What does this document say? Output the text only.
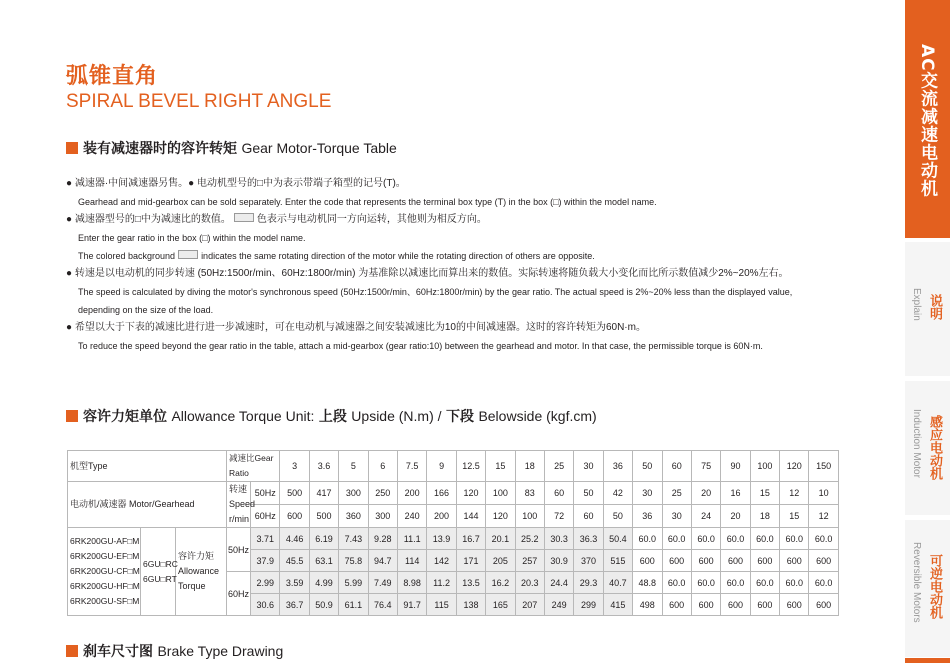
弧锥直角
SPIRAL BEVEL RIGHT ANGLE
装有减速器时的容许转矩 Gear Motor-Torque Table
● 减速器·中间减速器另售。● 电动机型号的□中为表示带端子箱型的记号(T)。
Gearhead and mid-gearbox can be sold separately. Enter the code that represents the terminal box type (T) in the box (□) within the model name.
● 减速器型号的□中为减速比的数值。	色表示与电动机同一方向运转，其他则为相反方向。
Enter the gear ratio in the box (□) within the model name.
The colored background	indicates the same rotating direction of the motor while the rotating direction of others are opposite.
● 转速是以电动机的同步转速 (50Hz:1500r/min、60Hz:1800r/min) 为基准除以减速比而算出来的数值。实际转速将随负载大小变化而比所示数值减少2%~20%左右。
The speed is calculated by diving the motor's synchronous speed (50Hz:1500r/min、60Hz:1800r/min) by the gear ratio. The actual speed is 2%~20% less than the displayed value,
depending on the size of the load.
● 希望以大于下表的减速比进行进一步减速时，可在电动机与减速器之间安装减速比为10的中间减速器。这时的容许转矩为60N·m。
To reduce the speed beyond the gear ratio in the table, attach a mid-gearbox (gear ratio:10) between the gearhead and motor. In that case, the permissible torque is 60N·m.
容许力矩单位 Allowance Torque Unit: 上段 Upside (N.m) / 下段 Belowside (kgf.cm)
机型Type			减速比Gear Ratio		3	3.6	5	6	7.5	9	12.5	15	18	25	30	36	50	60	75	90	100	120	150	
电动机/减速器 Motor/Gearhead			转速Speed r/min	50Hz	500	417	300	250	200	166	120	100	83	60	50	42	30	25	20	16	15	12	10	
				60Hz	600	500	360	300	240	200	144	120	100	72	60	50	36	30	24	20	18	15	12	
6RK200GU-AF□M 6RK200GU-EF□M 6RK200GU-CF□M 6RK200GU-HF□M 6RK200GU-SF□M	6GU□RC 6GU□RT	容许力矩 Allowance Torque	50Hz	3.71	4.46	6.19	7.43	9.28	11.1	13.9	16.7	20.1	25.2	30.3	36.3	50.4	60.0	60.0	60.0	60.0	60.0	60.0	60.0	
				37.9	45.5	63.1	75.8	94.7	114	142	171	205	257	30.9	370	515	600	600	600	600	600	600	600	
			60Hz	2.99	3.59	4.99	5.99	7.49	8.98	11.2	13.5	16.2	20.3	24.4	29.3	40.7	48.8	60.0	60.0	60.0	60.0	60.0	60.0	
				30.6	36.7	50.9	61.1	76.4	91.7	115	138	165	207	249	299	415	498	600	600	600	600	600	600	
刹车尺寸图 Brake Type Drawing
AC交流减速电动机
说明
Explain
感应电动机
Induction Motor
可逆电动机
Reversible Motors
